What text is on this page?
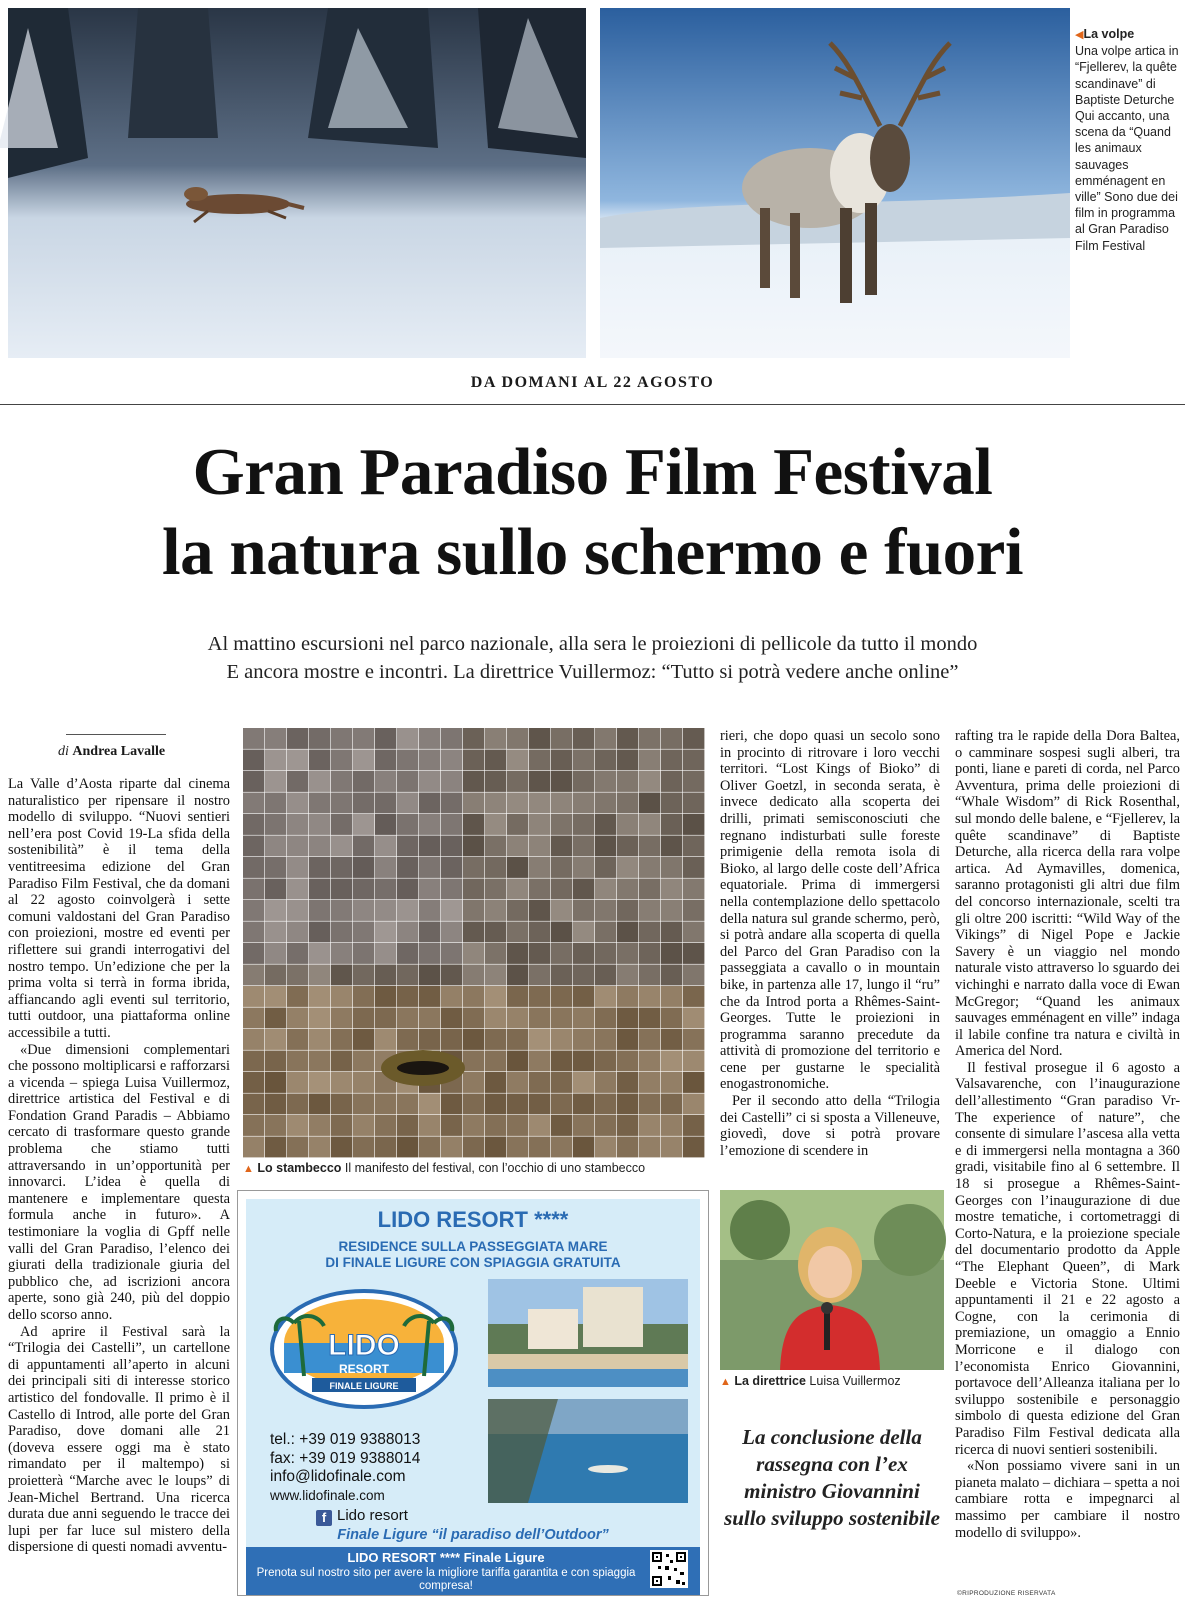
◀La volpe
Una volpe artica in “Fjellerev, la quête scandinave” di Baptiste Deturche Qui accanto, una scena da “Quand les animaux sauvages emménagent en ville” Sono due dei film in programma al Gran Paradiso Film Festival
DA DOMANI AL 22 AGOSTO
Gran Paradiso Film Festival
la natura sullo schermo e fuori
Al mattino escursioni nel parco nazionale, alla sera le proiezioni di pellicole da tutto il mondo
E ancora mostre e incontri. La direttrice Vuillermoz: “Tutto si potrà vedere anche online”
di Andrea Lavalle

La Valle d’Aosta riparte dal cinema naturalistico per ripensare il nostro modello di sviluppo. “Nuovi sentieri nell’era post Covid 19-La sfida della sostenibilità” è il tema della ventitreesima edizione del Gran Paradiso Film Festival, che da domani al 22 agosto coinvolgerà i sette comuni valdostani del Gran Paradiso con proiezioni, mostre ed eventi per riflettere sui grandi interrogativi del nostro tempo. Un’edizione che per la prima volta si terrà in forma ibrida, affiancando agli eventi sul territorio, tutti outdoor, una piattaforma online accessibile a tutti.

«Due dimensioni complementari che possono moltiplicarsi e rafforzarsi a vicenda – spiega Luisa Vuillermoz, direttrice artistica del Festival e di Fondation Grand Paradis – Abbiamo cercato di trasformare questo grande problema che stiamo tutti attraversando in un’opportunità per innovarci. L’idea è quella di mantenere e implementare questa formula anche in futuro». A testimoniare la voglia di Gpff nelle valli del Gran Paradiso, l’elenco dei giurati della tradizionale giuria del pubblico che, ad iscrizioni ancora aperte, sono già 240, più del doppio dello scorso anno.

Ad aprire il Festival sarà la “Trilogia dei Castelli”, un cartellone di appuntamenti all’aperto in alcuni dei principali siti di interesse storico artistico del fondovalle. Il primo è il Castello di Introd, alle porte del Gran Paradiso, dove domani alle 21 (doveva essere oggi ma è stato rimandato per il maltempo) si proietterà “Marche avec le loups” di Jean-Michel Bertrand. Una ricerca durata due anni seguendo le tracce dei lupi per far luce sul mistero della dispersione di questi nomadi avventu-

▲ Lo stambecco Il manifesto del festival, con l’occhio di uno stambecco

rieri, che dopo quasi un secolo sono in procinto di ritrovare i loro vecchi territori. “Lost Kings of Bioko” di Oliver Goetzl, in seconda serata, è invece dedicato alla scoperta dei drilli, primati semisconosciuti che regnano indisturbati sulle foreste primigenie della remota isola di Bioko, al largo delle coste dell’Africa equatoriale. Prima di immergersi nella contemplazione dello spettacolo della natura sul grande schermo, però, si potrà andare alla scoperta di quella del Parco del Gran Paradiso con la passeggiata a cavallo o in mountain bike, in partenza alle 17, lungo il “ru” che da Introd porta a Rhêmes-Saint-Georges. Tutte le proiezioni in programma saranno precedute da attività di promozione del territorio e cene per gustarne le specialità enogastronomiche.

Per il secondo atto della “Trilogia dei Castelli” ci si sposta a Villeneuve, giovedì, dove si potrà provare l’emozione di scendere in

rafting tra le rapide della Dora Baltea, o camminare sospesi sugli alberi, tra ponti, liane e pareti di corda, nel Parco Avventura, prima delle proiezioni di “Whale Wisdom” di Rick Rosenthal, sul mondo delle balene, e “Fjellerev, la quête scandinave” di Baptiste Deturche, alla ricerca della rara volpe artica. Ad Aymavilles, domenica, saranno protagonisti gli altri due film del concorso internazionale, scelti tra gli oltre 200 iscritti: “Wild Way of the Vikings” di Nigel Pope e Jackie Savery è un viaggio nel mondo naturale visto attraverso lo sguardo dei vichinghi e narrato dalla voce di Ewan McGregor; “Quand les animaux sauvages emménagent en ville” indaga il labile confine tra natura e civiltà in America del Nord.

Il festival prosegue il 6 agosto a Valsavarenche, con l’inaugurazione dell’allestimento “Gran paradiso Vr-The experience of nature”, che consente di simulare l’ascesa alla vetta e di immergersi nella montagna a 360 gradi, visitabile fino al 6 settembre. Il 18 si prosegue a Rhêmes-Saint-Georges con l’inaugurazione di due mostre tematiche, i cortometraggi di Corto-Natura, e la proiezione speciale del documentario prodotto da Apple “The Elephant Queen”, di Mark Deeble e Victoria Stone. Ultimi appuntamenti il 21 e 22 agosto a Cogne, con la cerimonia di premiazione, un omaggio a Ennio Morricone e il dialogo con l’economista Enrico Giovannini, portavoce dell’Alleanza italiana per lo sviluppo sostenibile e personaggio simbolo di questa edizione del Gran Paradiso Film Festival dedicata alla ricerca di nuovi sentieri sostenibili.

«Non possiamo vivere sani in un pianeta malato – dichiara – spetta a noi cambiare rotta e impegnarci al massimo per cambiare il nostro modello di sviluppo».

LIDO RESORT ****
RESIDENCE SULLA PASSEGGIATA MARE
DI FINALE LIGURE CON SPIAGGIA GRATUITA
LIDO
RESORT
FINALE LIGURE
tel.: +39 019 9388013
fax: +39 019 9388014
info@lidofinale.com
www.lidofinale.com
f Lido resort
Finale Ligure “il paradiso dell’Outdoor”
LIDO RESORT **** Finale Ligure
Prenota sul nostro sito per avere la migliore tariffa garantita e con spiaggia compresa!
▲ La direttrice Luisa Vuillermoz
La conclusione della rassegna con l’ex ministro Giovannini sullo sviluppo sostenibile
©RIPRODUZIONE RISERVATA
